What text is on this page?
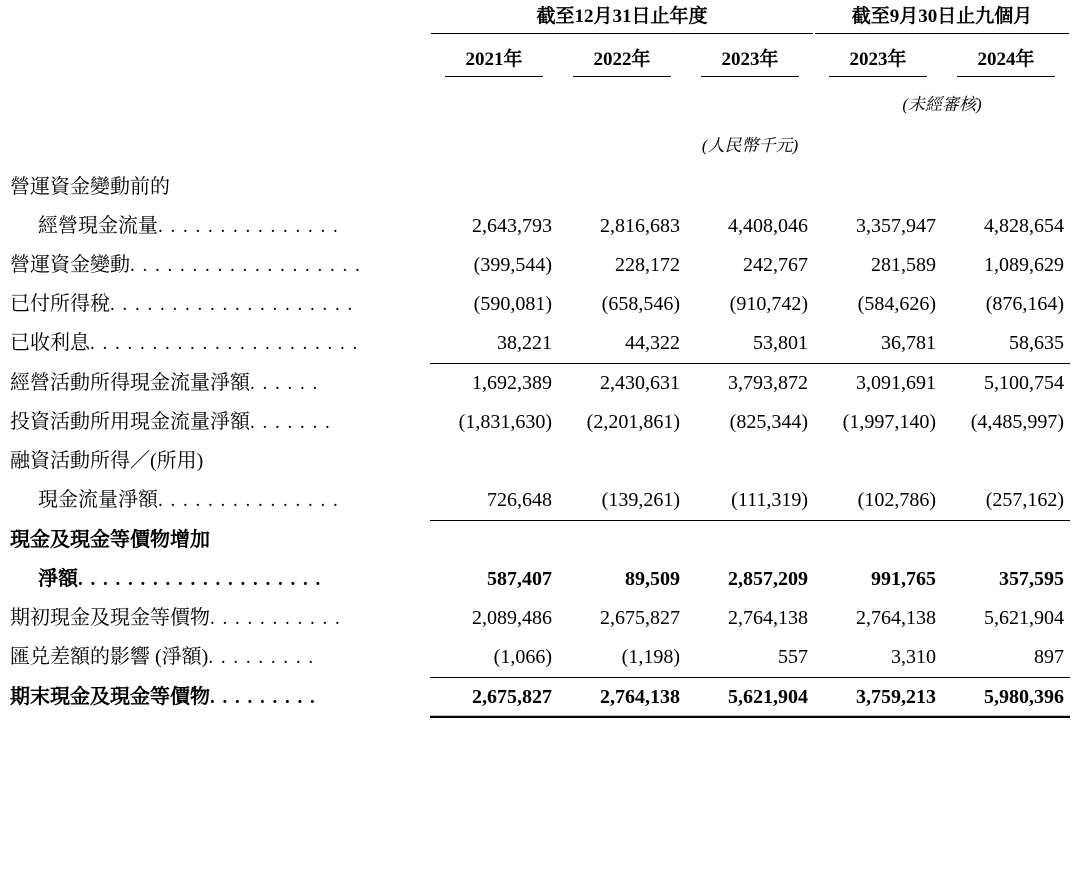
	截至12月31日止年度			截至9月30日止九個月	

	2021年	2022年	2023年	2023年	2024年
				(未經審核)	
	(人民幣千元)				
營運資金變動前的					
經營現金流量. . . . . . . . . . . . . . .	2,643,793	2,816,683	4,408,046	3,357,947	4,828,654
營運資金變動. . . . . . . . . . . . . . . . . . .	(399,544)	228,172	242,767	281,589	1,089,629
已付所得稅. . . . . . . . . . . . . . . . . . . .	(590,081)	(658,546)	(910,742)	(584,626)	(876,164)
已收利息. . . . . . . . . . . . . . . . . . . . . .	38,221	44,322	53,801	36,781	58,635
經營活動所得現金流量淨額. . . . . .	1,692,389	2,430,631	3,793,872	3,091,691	5,100,754
投資活動所用現金流量淨額. . . . . . .	(1,831,630)	(2,201,861)	(825,344)	(1,997,140)	(4,485,997)
融資活動所得／(所用)					
現金流量淨額. . . . . . . . . . . . . . .	726,648	(139,261)	(111,319)	(102,786)	(257,162)
現金及現金等價物增加					
淨額. . . . . . . . . . . . . . . . . . . .	587,407	89,509	2,857,209	991,765	357,595
期初現金及現金等價物. . . . . . . . . . .	2,089,486	2,675,827	2,764,138	2,764,138	5,621,904
匯兑差額的影響 (淨額). . . . . . . . .	(1,066)	(1,198)	557	3,310	897
期末現金及現金等價物. . . . . . . . .	2,675,827	2,764,138	5,621,904	3,759,213	5,980,396
